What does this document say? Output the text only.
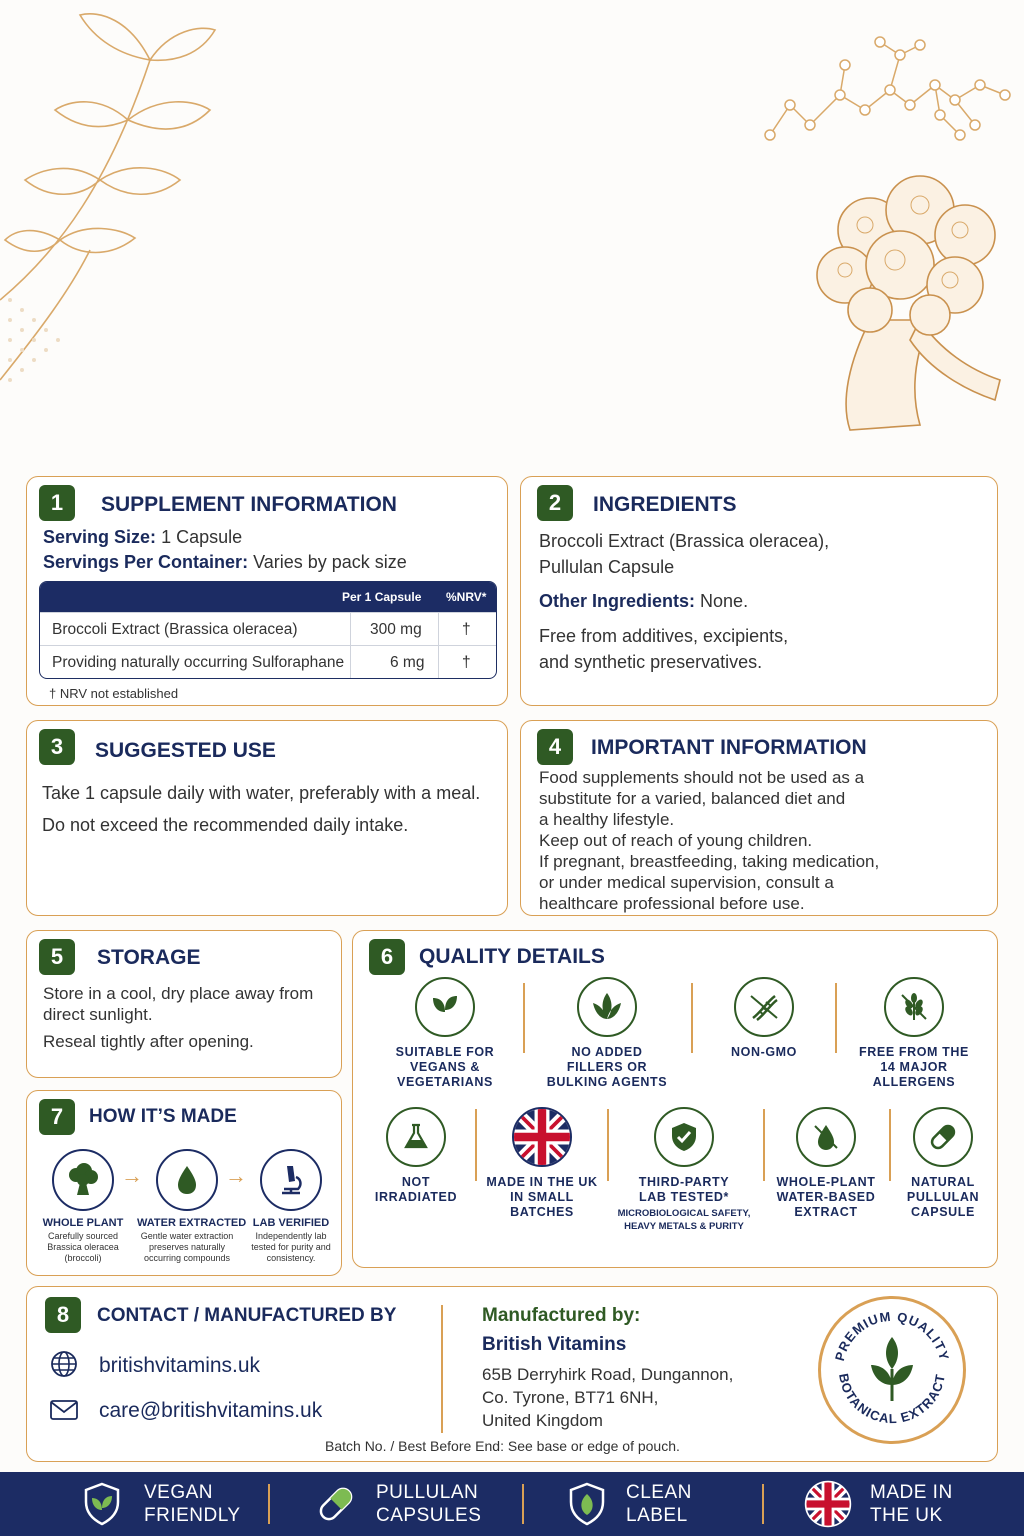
1	SUPPLEMENT INFORMATION
Serving Size: 1 Capsule
Servings Per Container: Varies by pack size
Per 1 Capsule %NRV*
Broccoli Extract (Brassica oleracea)	300 mg	†
Providing naturally occurring Sulforaphane	6 mg †
† NRV not established
2	INGREDIENTS
Broccoli Extract (Brassica oleracea),
Pullulan Capsule
Other Ingredients: None.
Free from additives, excipients,
and synthetic preservatives.
3	SUGGESTED USE
Take 1 capsule daily with water, preferably with a meal.
Do not exceed the recommended daily intake.
4	IMPORTANT INFORMATION
Food supplements should not be used as a
substitute for a varied, balanced diet and
a healthy lifestyle.
Keep out of reach of young children.
If pregnant, breastfeeding, taking medication,
or under medical supervision, consult a
healthcare professional before use.
5	STORAGE
Store in a cool, dry place away from
direct sunlight.
Reseal tightly after opening.
6	QUALITY DETAILS
SUITABLE FOR
VEGANS &
VEGETARIANS
NO ADDED
FILLERS OR
BULKING AGENTS
NON-GMO	FREE FROM THE
14 MAJOR
ALLERGENS
NOT
IRRADIATED
MADE IN THE UK
IN SMALL
BATCHES
THIRD-PARTY
LAB TESTED*
MICROBIOLOGICAL SAFETY,
HEAVY METALS & PURITY
WHOLE-PLANT
WATER-BASED
EXTRACT
NATURAL
PULLULAN
CAPSULE
7	HOW IT’S MADE
WHOLE PLANT
Carefully sourced
Brassica oleracea
(broccoli)
→
WATER EXTRACTED
Gentle water extraction
preserves naturally
occurring compounds
→
LAB VERIFIED
Independently lab
tested for purity and
consistency.
8	CONTACT / MANUFACTURED BY
britishvitamins.uk
care@britishvitamins.uk
Manufactured by:
British Vitamins
65B Derryhirk Road, Dungannon,
Co. Tyrone, BT71 6NH,
United Kingdom
Batch No. / Best Before End: See base or edge of pouch.
PREMIUM QUALITY
BOTANICAL EXTRACT
VEGAN
FRIENDLY
PULLULAN
CAPSULES
CLEAN
LABEL
MADE IN
THE UK
